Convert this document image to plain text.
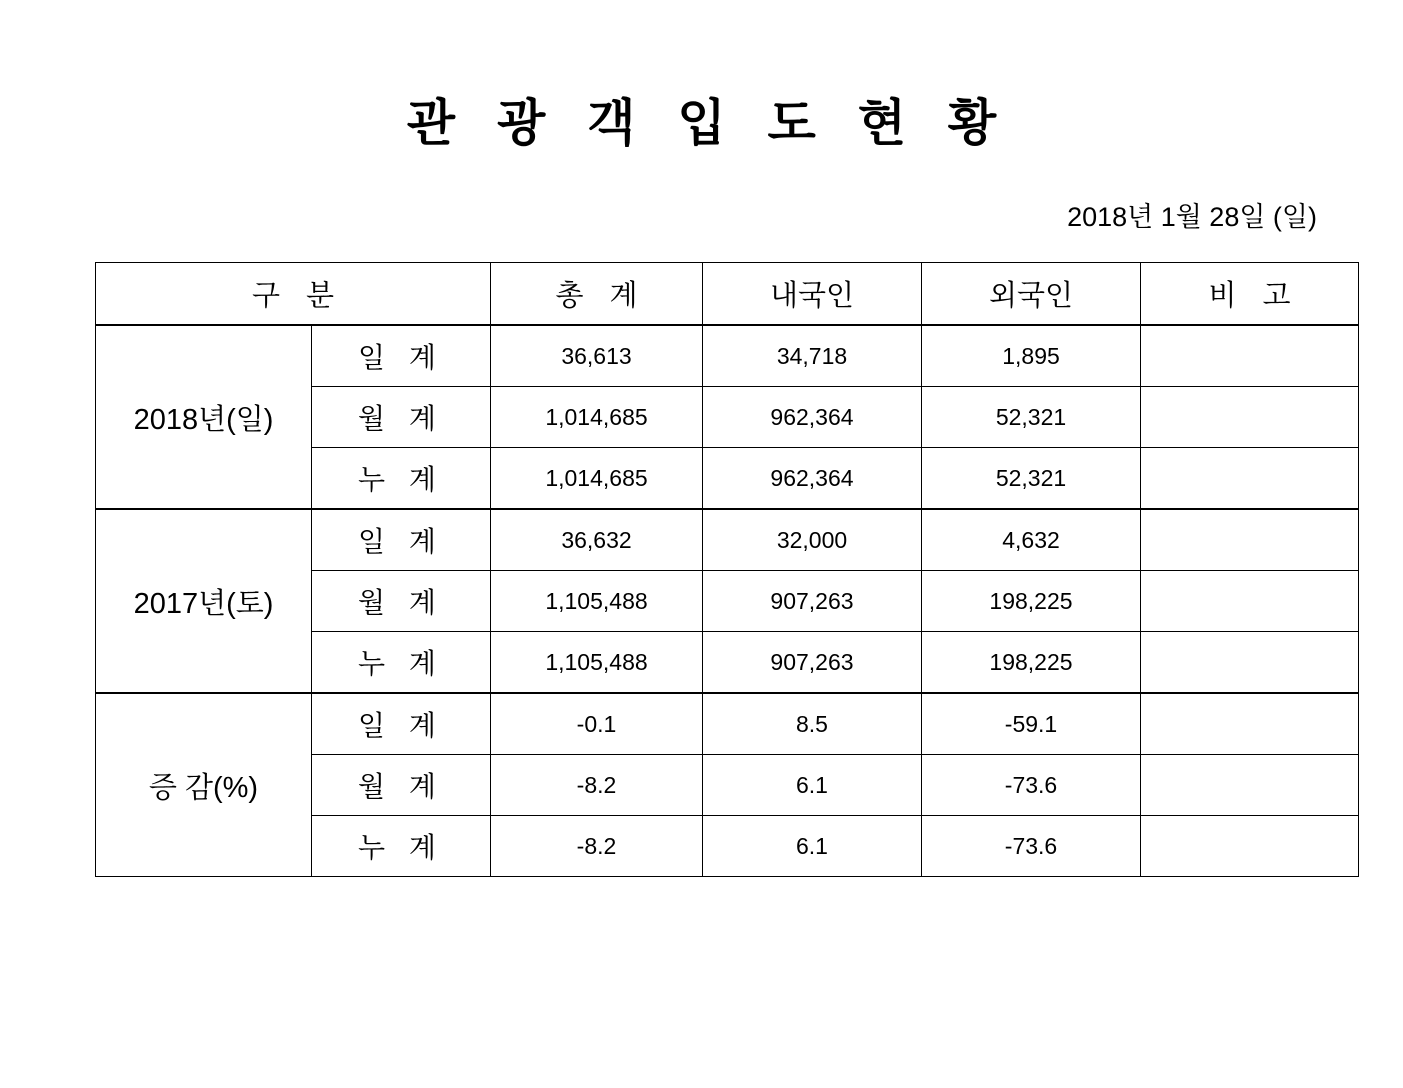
관 광 객 입 도 현 황
2018년 1월 28일 (일)
구 분		총 계	내국인	외국인	비 고
2018년(일)	일 계	36,613	34,718	1,895	
	월 계	1,014,685	962,364	52,321	
	누 계	1,014,685	962,364	52,321	
2017년(토)	일 계	36,632	32,000	4,632	
	월 계	1,105,488	907,263	198,225	
	누 계	1,105,488	907,263	198,225	
증 감(%)	일 계	-0.1	8.5	-59.1	
	월 계	-8.2	6.1	-73.6	
	누 계	-8.2	6.1	-73.6	
